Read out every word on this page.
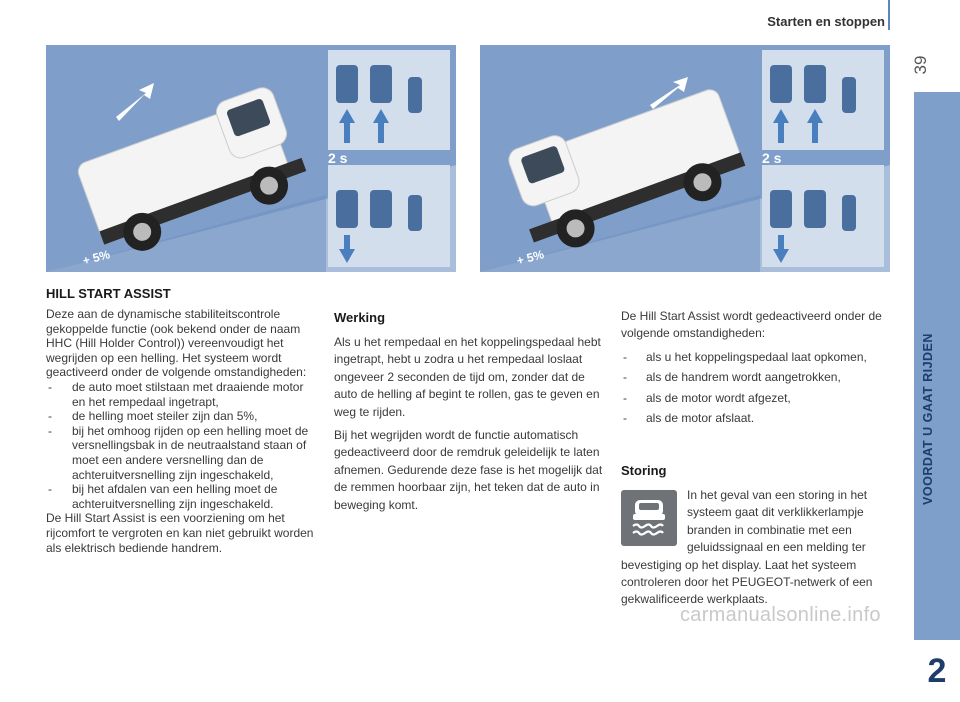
Starten en stoppen
39
VOORDAT U GAAT RIJDEN
2
2 s
+ 5%
2 s
+ 5%
HILL START ASSIST

Deze aan de dynamische stabiliteitscontrole gekoppelde functie (ook bekend onder de naam HHC (Hill Holder Control)) vereenvoudigt het wegrijden op een helling. Het systeem wordt geactiveerd onder de volgende omstandigheden:

- de auto moet stilstaan met draaiende motor en het rempedaal ingetrapt,
- de helling moet steiler zijn dan 5%,
- bij het omhoog rijden op een helling moet de versnellingsbak in de neutraalstand staan of moet een andere versnelling dan de achteruitversnelling zijn ingeschakeld,
- bij het afdalen van een helling moet de achteruitversnelling zijn ingeschakeld.

De Hill Start Assist is een voorziening om het rijcomfort te vergroten en kan niet gebruikt worden als elektrisch bediende handrem.

Werking

Als u het rempedaal en het koppelingspedaal hebt ingetrapt, hebt u zodra u het rempedaal loslaat ongeveer 2 seconden de tijd om, zonder dat de auto de helling af begint te rollen, gas te geven en weg te rijden.

Bij het wegrijden wordt de functie automatisch gedeactiveerd door de remdruk geleidelijk te laten afnemen. Gedurende deze fase is het mogelijk dat de remmen hoorbaar zijn, het teken dat de auto in beweging komt.

De Hill Start Assist wordt gedeactiveerd onder de volgende omstandigheden:

- als u het koppelingspedaal laat opkomen,
- als de handrem wordt aangetrokken,
- als de motor wordt afgezet,
- als de motor afslaat.
Storing
In het geval van een storing in het systeem gaat dit verklikkerlampje branden in combinatie met een geluidssignaal en een melding ter bevestiging op het display. Laat het systeem controleren door het PEUGEOT-netwerk of een gekwalificeerde werkplaats.
carmanualsonline.info
